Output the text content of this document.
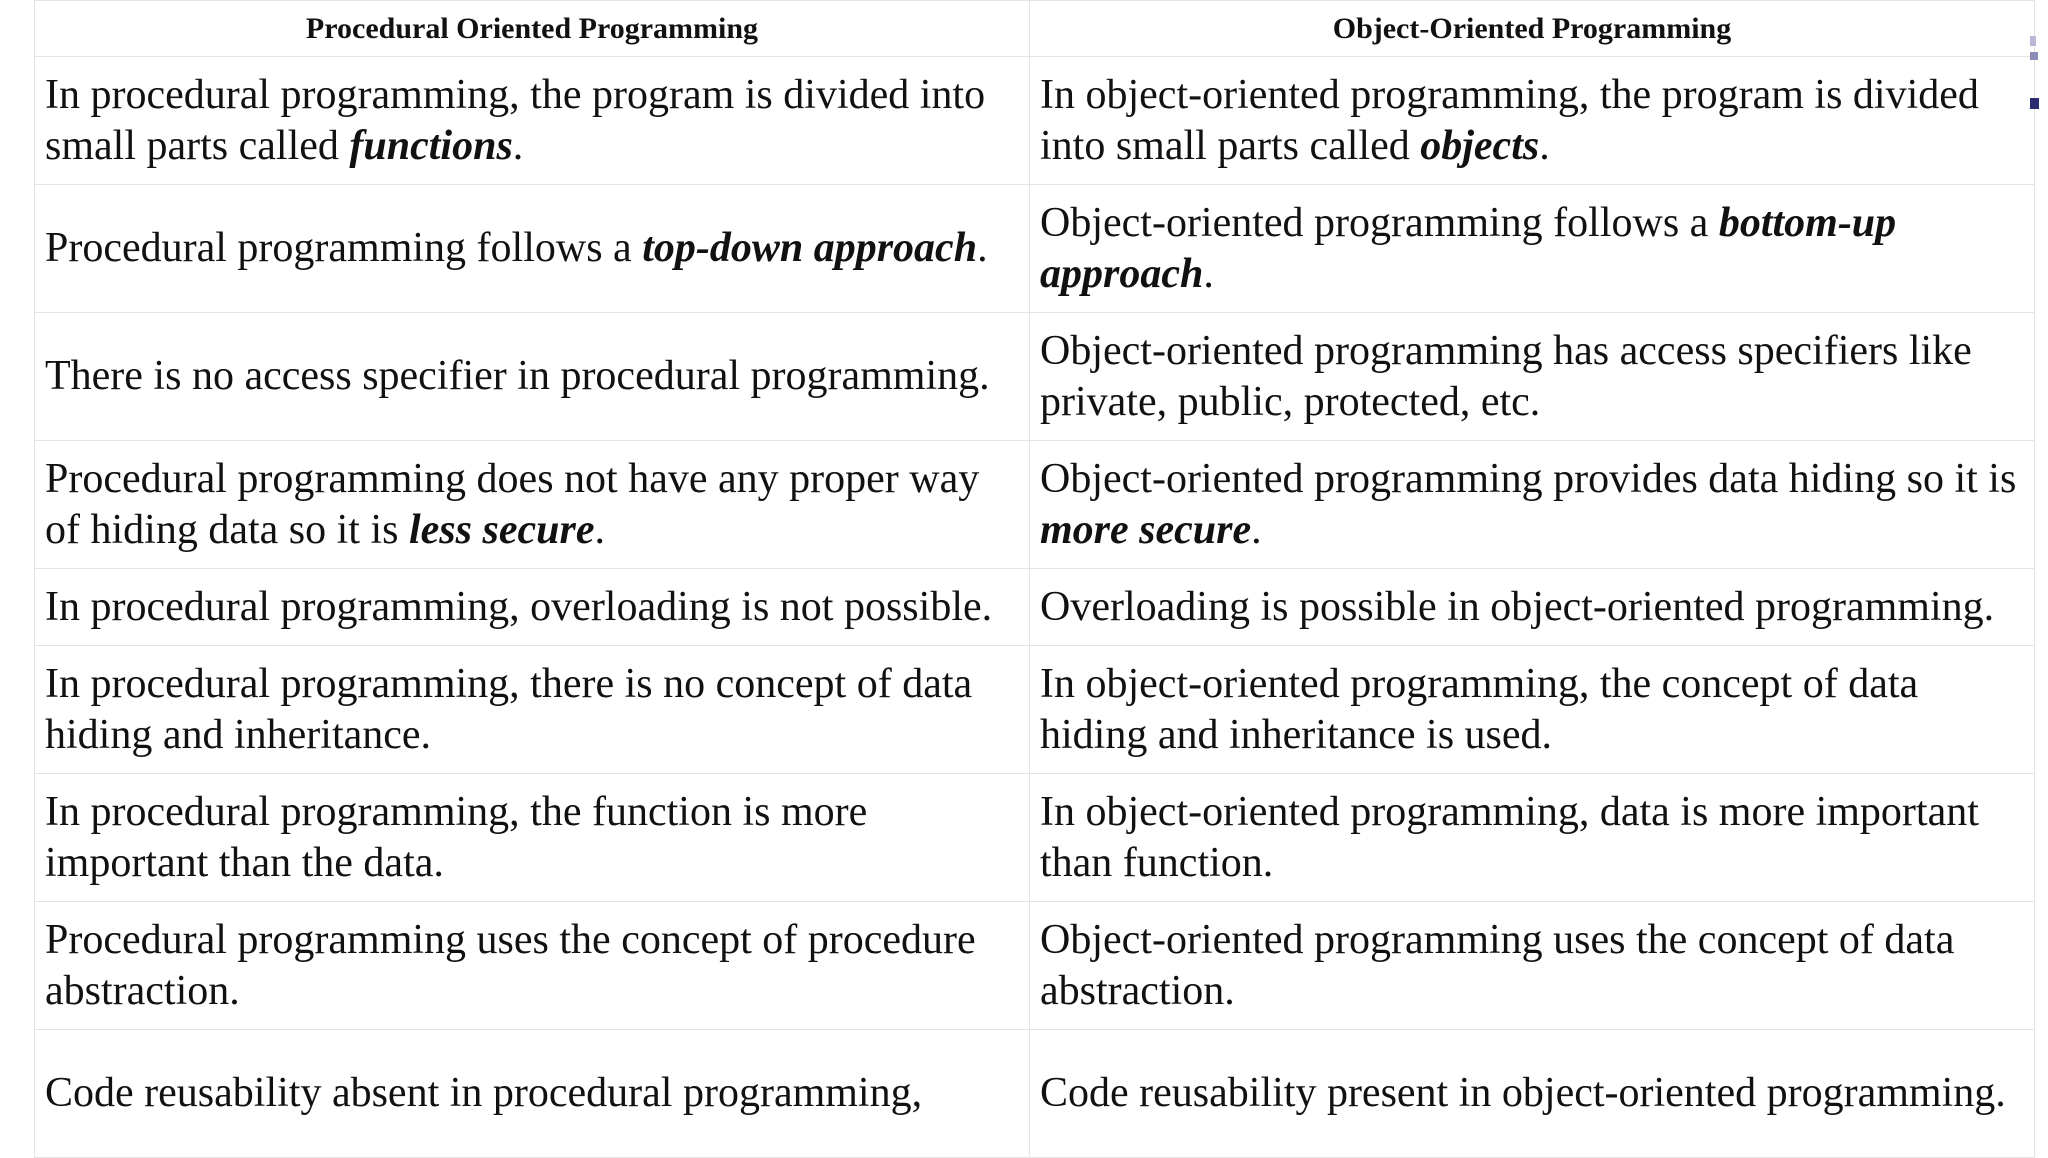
Procedural Oriented Programming	Object-Oriented Programming
In procedural programming, the program is divided into small parts called functions.	In object-oriented programming, the program is divided into small parts called objects.
Procedural programming follows a top-down approach.	Object-oriented programming follows a bottom-up approach.
There is no access specifier in procedural programming.	Object-oriented programming has access specifiers like private, public, protected, etc.
Procedural programming does not have any proper way of hiding data so it is less secure.	Object-oriented programming provides data hiding so it is more secure.
In procedural programming, overloading is not possible.	Overloading is possible in object-oriented programming.
In procedural programming, there is no concept of data hiding and inheritance.	In object-oriented programming, the concept of data hiding and inheritance is used.
In procedural programming, the function is more important than the data.	In object-oriented programming, data is more important than function.
Procedural programming uses the concept of procedure abstraction.	Object-oriented programming uses the concept of data abstraction.
Code reusability absent in procedural programming,	Code reusability present in object-oriented programming.
